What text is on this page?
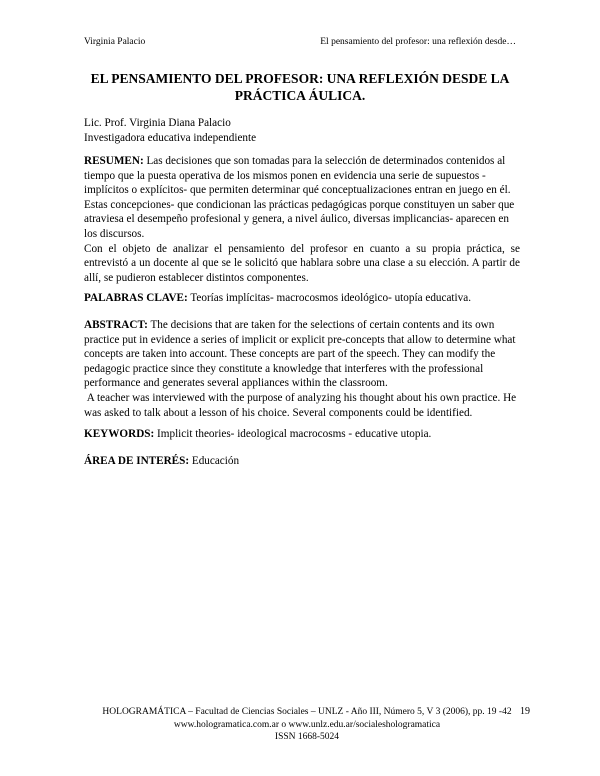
Virginia Palacio	El pensamiento del profesor: una reflexión desde…
EL PENSAMIENTO DEL PROFESOR: UNA REFLEXIÓN DESDE LA PRÁCTICA ÁULICA.
Lic. Prof. Virginia Diana Palacio
Investigadora educativa independiente

RESUMEN: Las decisiones que son tomadas para la selección de determinados contenidos al tiempo que la puesta operativa de los mismos ponen en evidencia una serie de supuestos - implícitos o explícitos- que permiten determinar qué conceptualizaciones entran en juego en él. Estas concepciones- que condicionan las prácticas pedagógicas porque constituyen un saber que atraviesa el desempeño profesional y genera, a nivel áulico, diversas implicancias- aparecen en los discursos.

Con el objeto de analizar el pensamiento del profesor en cuanto a su propia práctica, se entrevistó a un docente al que se le solicitó que hablara sobre una clase a su elección. A partir de allí, se pudieron establecer distintos componentes.

PALABRAS CLAVE: Teorías implícitas- macrocosmos ideológico- utopía educativa.
ABSTRACT: The decisions that are taken for the selections of certain contents and its own practice put in evidence a series of implicit or explicit pre-concepts that allow to determine what concepts are taken into account. These concepts are part of the speech. They can modify the pedagogic practice since they constitute a knowledge that interferes with the professional performance and generates several appliances within the classroom.
A teacher was interviewed with the purpose of analyzing his thought about his own practice. He was asked to talk about a lesson of his choice. Several components could be identified.
KEYWORDS: Implicit theories- ideological macrocosms - educative utopia.
ÁREA DE INTERÉS: Educación
HOLOGRAMÁTICA – Facultad de Ciencias Sociales – UNLZ - Año III, Número 5, V 3 (2006), pp. 19 -42
www.hologramatica.com.ar o www.unlz.edu.ar/socialeshologramatica
ISSN 1668-5024
19
